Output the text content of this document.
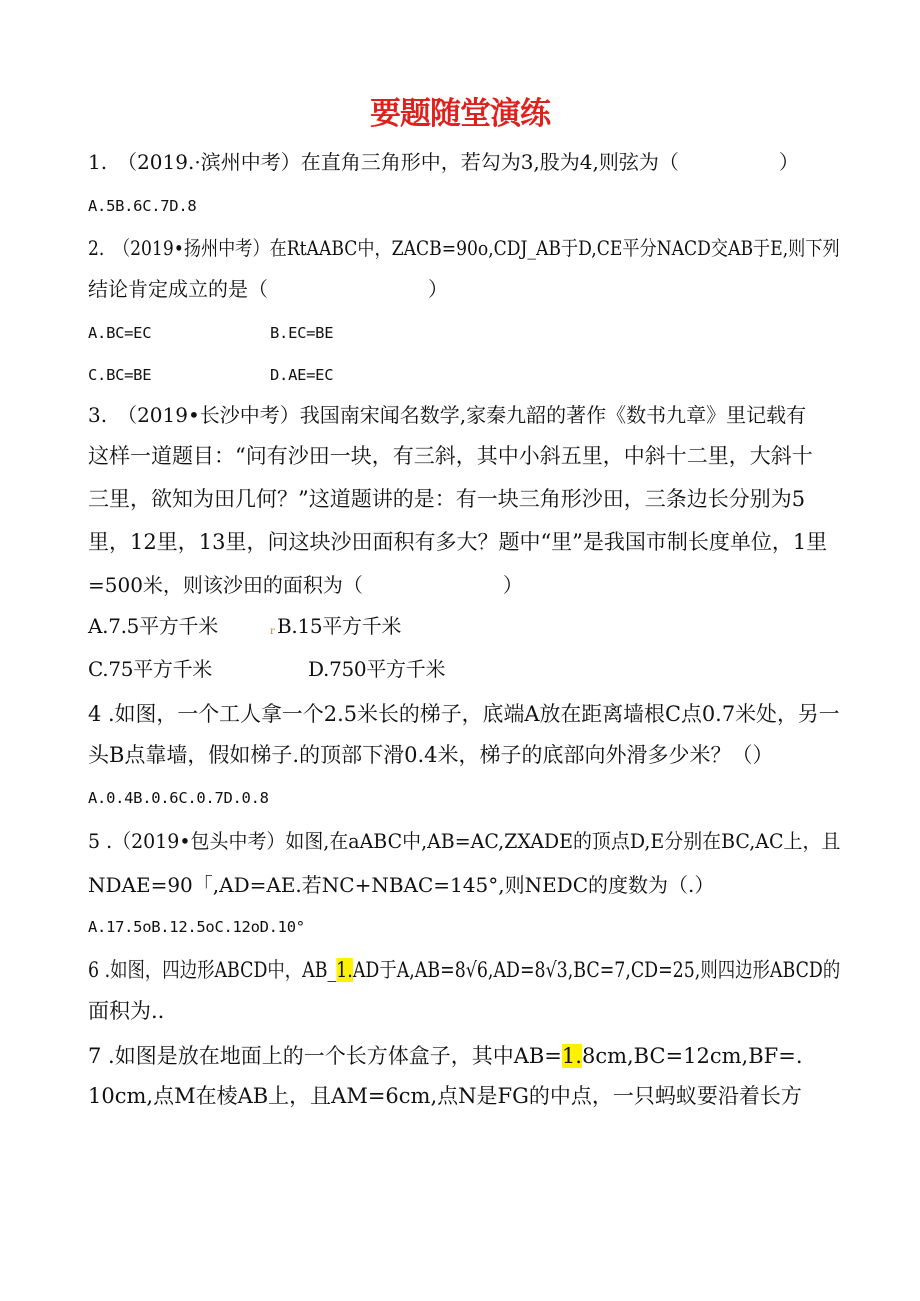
要题随堂演练
1.　（2019.·滨州中考）在直角三角形中，若勾为3,股为4,则弦为（　　　　　）
A.5B.6C.7D.8
2.　（2019•扬州中考）在RtAABC中，ZACB=90o,CDJ_AB于D,CE平分NACD交AB于E,则下列
结论肯定成立的是（　　　　　　　　）
A.BC=EC	B.EC=BE
C.BC=BE	D.AE=EC
3.　（2019•长沙中考）我国南宋闻名数学,家秦九韶的著作《数书九章》里记载有
这样一道题目：“问有沙田一块，有三斜，其中小斜五里，中斜十二里，大斜十
三里，欲知为田几何？”这道题讲的是：有一块三角形沙田，三条边长分别为5
里，12里，13里，问这块沙田面积有多大？题中“里”是我国市制长度单位，1里
=500米，则该沙田的面积为（　　　　　　　）
A.7.5平方千米	r B.15平方千米
C.75平方千米	D.750平方千米
4 .如图，一个工人拿一个2.5米长的梯子，底端A放在距离墙根C点0.7米处，另一
头B点靠墙，假如梯子.的顶部下滑0.4米，梯子的底部向外滑多少米？（）
A.0.4B.0.6C.0.7D.0.8
5 .（2019•包头中考）如图,在aABC中,AB=AC,ZXADE的顶点D,E分别在BC,AC上，且
NDAE=90「,AD=AE.若NC+NBAC=145°,则NEDC的度数为（.）
A.17.5oB.12.5oC.12oD.10°
6 .如图，四边形ABCD中，AB_1.AD于A,AB=8√6,AD=8√3,BC=7,CD=25,则四边形ABCD的
面积为..
7 .如图是放在地面上的一个长方体盒子，其中AB=1.8cm,BC=12cm,BF=.
10cm,点M在棱AB上，且AM=6cm,点N是FG的中点，一只蚂蚁要沿着长方
